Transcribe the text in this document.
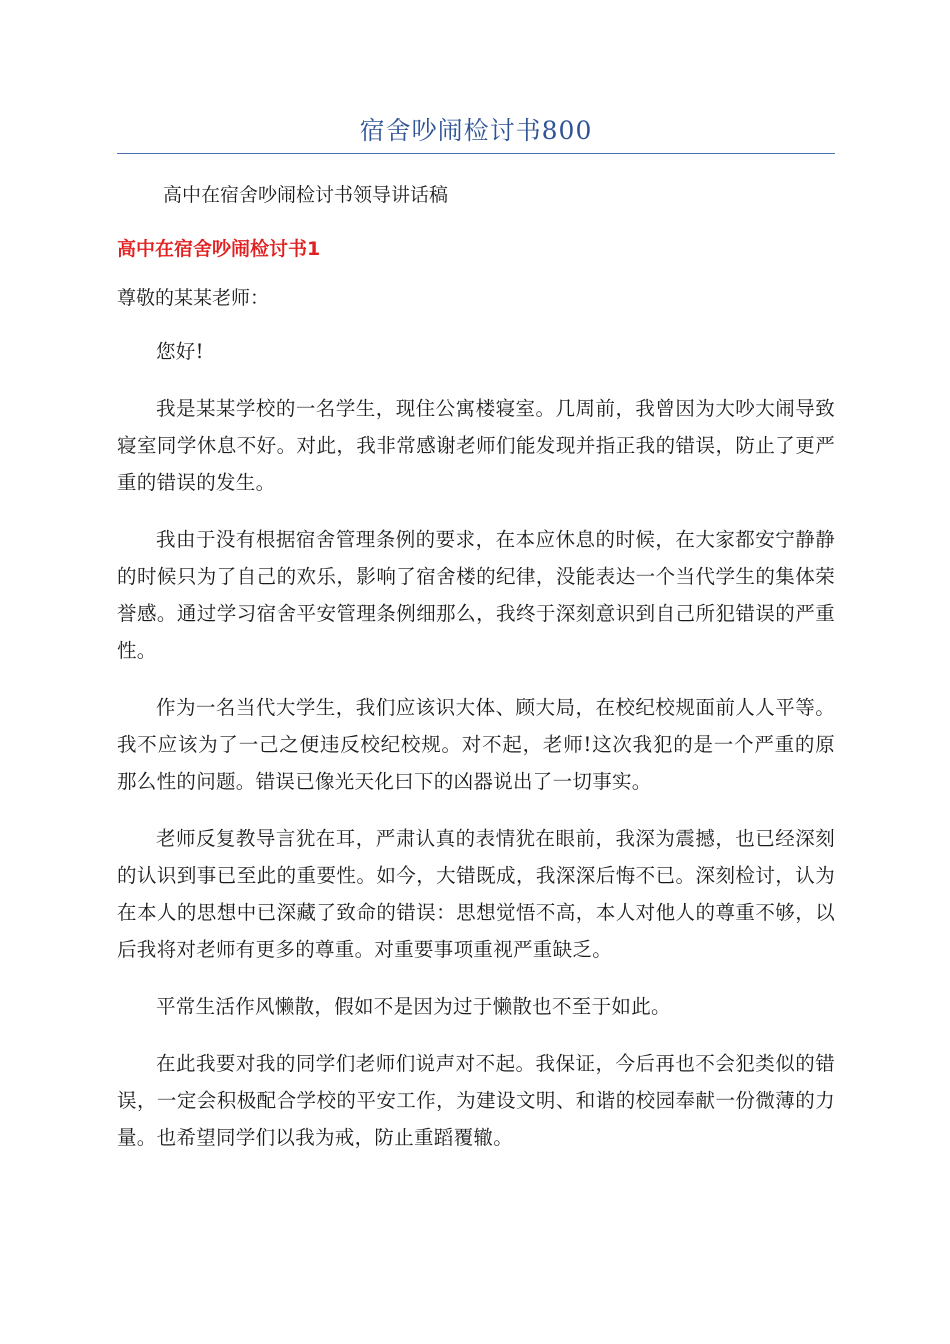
宿舍吵闹检讨书800

高中在宿舍吵闹检讨书领导讲话稿

高中在宿舍吵闹检讨书1

尊敬的某某老师：

您好!

我是某某学校的一名学生，现住公寓楼寝室。几周前，我曾因为大吵大闹导致寝室同学休息不好。对此，我非常感谢老师们能发现并指正我的错误，防止了更严重的错误的发生。

我由于没有根据宿舍管理条例的要求，在本应休息的时候，在大家都安宁静静的时候只为了自己的欢乐，影响了宿舍楼的纪律，没能表达一个当代学生的集体荣誉感。通过学习宿舍平安管理条例细那么，我终于深刻意识到自己所犯错误的严重性。

作为一名当代大学生，我们应该识大体、顾大局，在校纪校规面前人人平等。我不应该为了一己之便违反校纪校规。对不起，老师!这次我犯的是一个严重的原那么性的问题。错误已像光天化曰下的凶器说出了一切事实。

老师反复教导言犹在耳，严肃认真的表情犹在眼前，我深为震撼，也已经深刻的认识到事已至此的重要性。如今，大错既成，我深深后悔不已。深刻检讨，认为在本人的思想中已深藏了致命的错误：思想觉悟不高，本人对他人的尊重不够，以后我将对老师有更多的尊重。对重要事项重视严重缺乏。

平常生活作风懒散，假如不是因为过于懒散也不至于如此。

在此我要对我的同学们老师们说声对不起。我保证，今后再也不会犯类似的错误，一定会积极配合学校的平安工作，为建设文明、和谐的校园奉献一份微薄的力量。也希望同学们以我为戒，防止重蹈覆辙。
